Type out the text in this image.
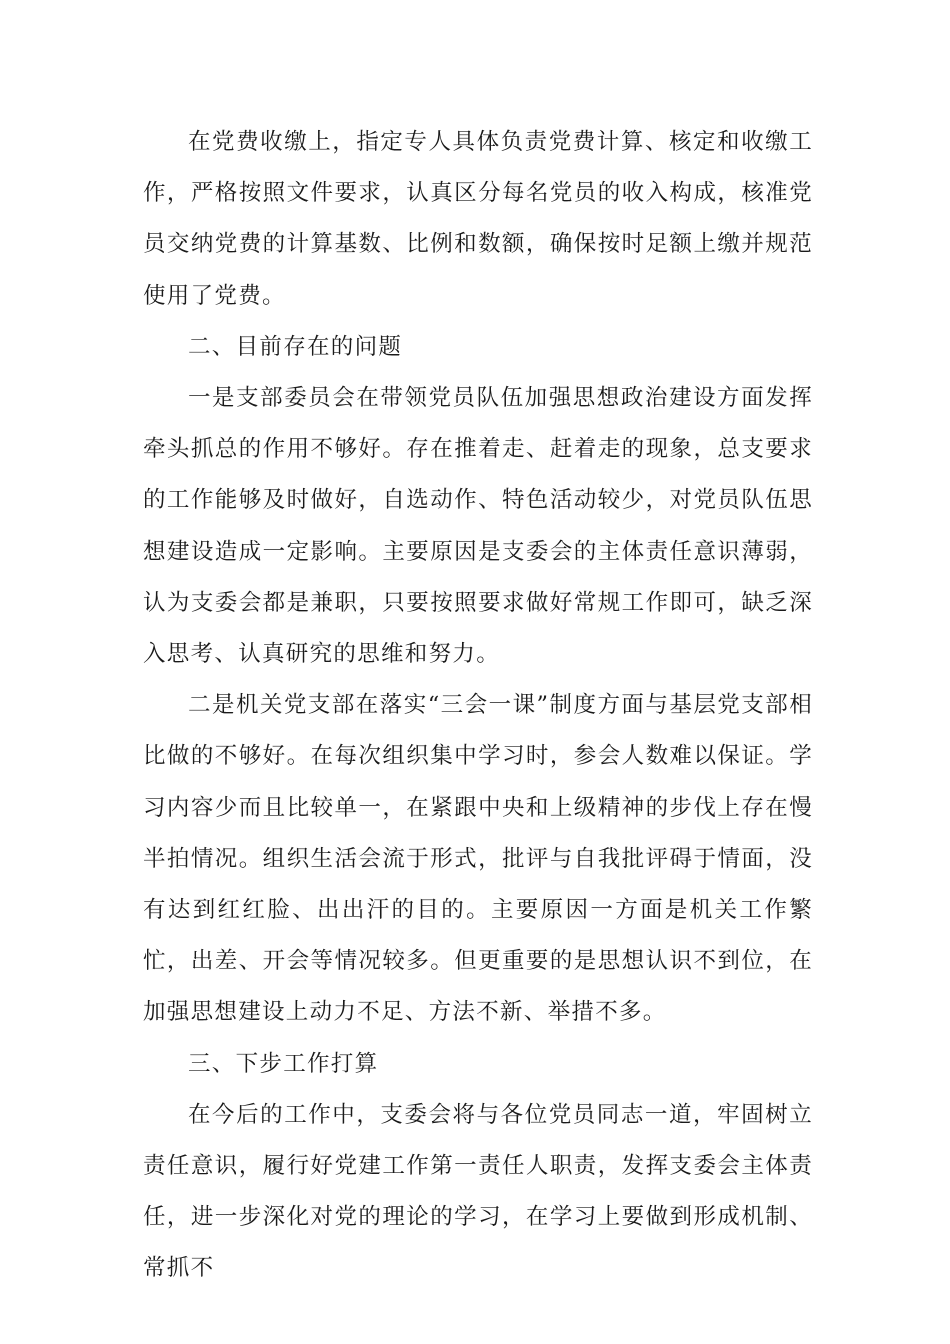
在党费收缴上，指定专人具体负责党费计算、核定和收缴工作，严格按照文件要求，认真区分每名党员的收入构成，核准党员交纳党费的计算基数、比例和数额，确保按时足额上缴并规范使用了党费。

二、目前存在的问题

一是支部委员会在带领党员队伍加强思想政治建设方面发挥牵头抓总的作用不够好。存在推着走、赶着走的现象，总支要求的工作能够及时做好，自选动作、特色活动较少，对党员队伍思想建设造成一定影响。主要原因是支委会的主体责任意识薄弱，认为支委会都是兼职，只要按照要求做好常规工作即可，缺乏深入思考、认真研究的思维和努力。

二是机关党支部在落实“三会一课”制度方面与基层党支部相比做的不够好。在每次组织集中学习时，参会人数难以保证。学习内容少而且比较单一，在紧跟中央和上级精神的步伐上存在慢半拍情况。组织生活会流于形式，批评与自我批评碍于情面，没有达到红红脸、出出汗的目的。主要原因一方面是机关工作繁忙，出差、开会等情况较多。但更重要的是思想认识不到位，在加强思想建设上动力不足、方法不新、举措不多。

三、下步工作打算

在今后的工作中，支委会将与各位党员同志一道，牢固树立责任意识，履行好党建工作第一责任人职责，发挥支委会主体责任，进一步深化对党的理论的学习，在学习上要做到形成机制、常抓不
